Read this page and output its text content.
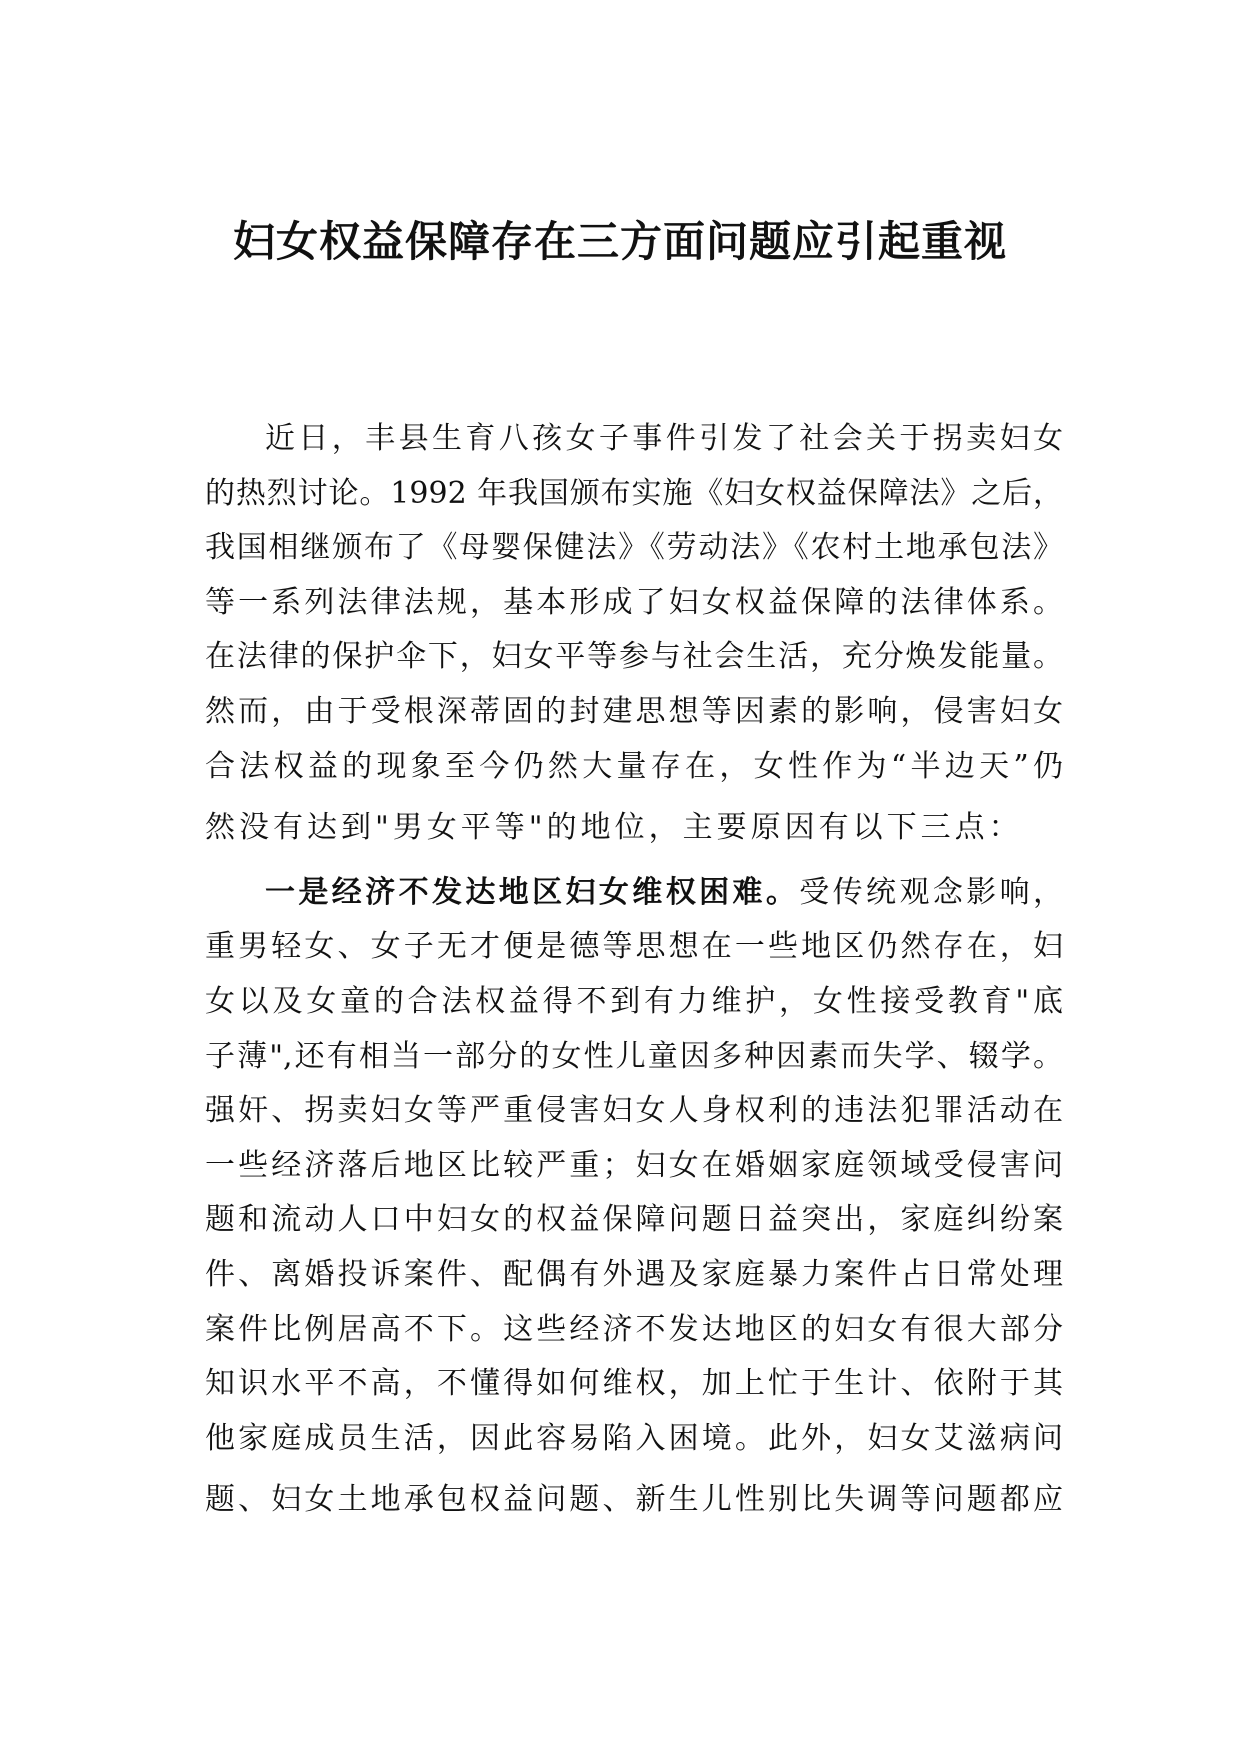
妇女权益保障存在三方面问题应引起重视
近日，丰县生育八孩女子事件引发了社会关于拐卖妇女
的热烈讨论。1992 年我国颁布实施《妇女权益保障法》之后，
我国相继颁布了《母婴保健法》《劳动法》《农村土地承包法》
等一系列法律法规，基本形成了妇女权益保障的法律体系。
在法律的保护伞下，妇女平等参与社会生活，充分焕发能量。
然而，由于受根深蒂固的封建思想等因素的影响，侵害妇女
合法权益的现象至今仍然大量存在，女性作为“半边天”仍
然没有达到"男女平等"的地位，主要原因有以下三点：
一是经济不发达地区妇女维权困难。受传统观念影响，
重男轻女、女子无才便是德等思想在一些地区仍然存在，妇
女以及女童的合法权益得不到有力维护，女性接受教育"底
子薄",还有相当一部分的女性儿童因多种因素而失学、辍学。
强奸、拐卖妇女等严重侵害妇女人身权利的违法犯罪活动在
一些经济落后地区比较严重；妇女在婚姻家庭领域受侵害问
题和流动人口中妇女的权益保障问题日益突出，家庭纠纷案
件、离婚投诉案件、配偶有外遇及家庭暴力案件占日常处理
案件比例居高不下。这些经济不发达地区的妇女有很大部分
知识水平不高，不懂得如何维权，加上忙于生计、依附于其
他家庭成员生活，因此容易陷入困境。此外，妇女艾滋病问
题、妇女土地承包权益问题、新生儿性别比失调等问题都应
